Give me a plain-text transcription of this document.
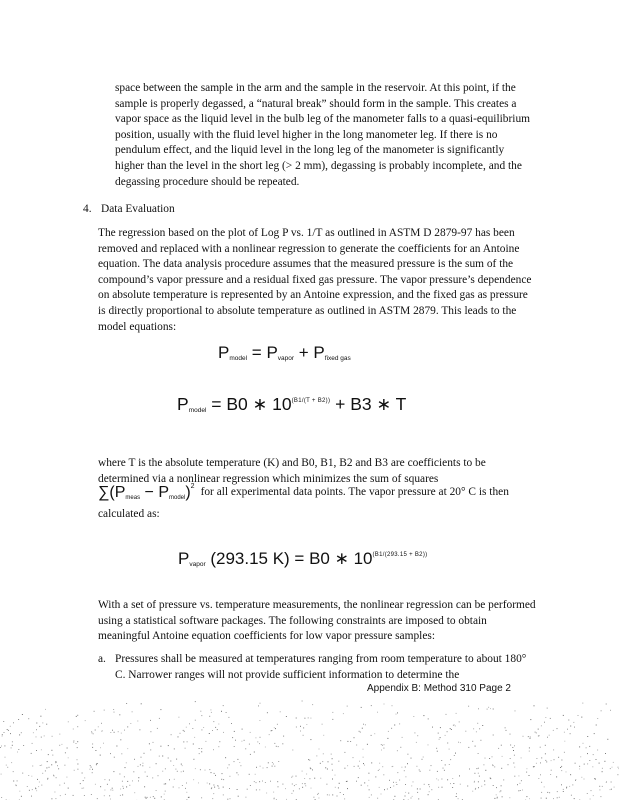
space between the sample in the arm and the sample in the reservoir. At this point, if the sample is properly degassed, a “natural break” should form in the sample. This creates a vapor space as the liquid level in the bulb leg of the manometer falls to a quasi-equilibrium position, usually with the fluid level higher in the long manometer leg. If there is no pendulum effect, and the liquid level in the long leg of the manometer is significantly higher than the level in the short leg (> 2 mm), degassing is probably incomplete, and the degassing procedure should be repeated.

4. Data Evaluation

The regression based on the plot of Log P vs. 1/T as outlined in ASTM D 2879-97 has been removed and replaced with a nonlinear regression to generate the coefficients for an Antoine equation. The data analysis procedure assumes that the measured pressure is the sum of the compound’s vapor pressure and a residual fixed gas pressure. The vapor pressure’s dependence on absolute temperature is represented by an Antoine expression, and the fixed gas as pressure is directly proportional to absolute temperature as outlined in ASTM 2879. This leads to the model equations:

$P_{model} = P_{vapor} + P_{fixed gas}$
$P_{model} = B0$ ∗ $10^{(B1/(T + B2))} + B3$ ∗ T

where T is the absolute temperature (K) and B0, B1, B2 and B3 are coefficients to be determined via a nonlinear regression which minimizes the sum of squares

$\sum(P_{meas} - P_{model})^2$ for all experimental data points. The vapor pressure at 20° C is then

calculated as:

$P_{vapor}$ (293.15 K) = B0 ∗ $10^{(B1/(293.15 + B2))}$

With a set of pressure vs. temperature measurements, the nonlinear regression can be performed using a statistical software packages. The following constraints are imposed to obtain meaningful Antoine equation coefficients for low vapor pressure samples:

a. Pressures shall be measured at temperatures ranging from room temperature to about 180° C. Narrower ranges will not provide sufficient information to determine the
Appendix B: Method 310 Page 2
